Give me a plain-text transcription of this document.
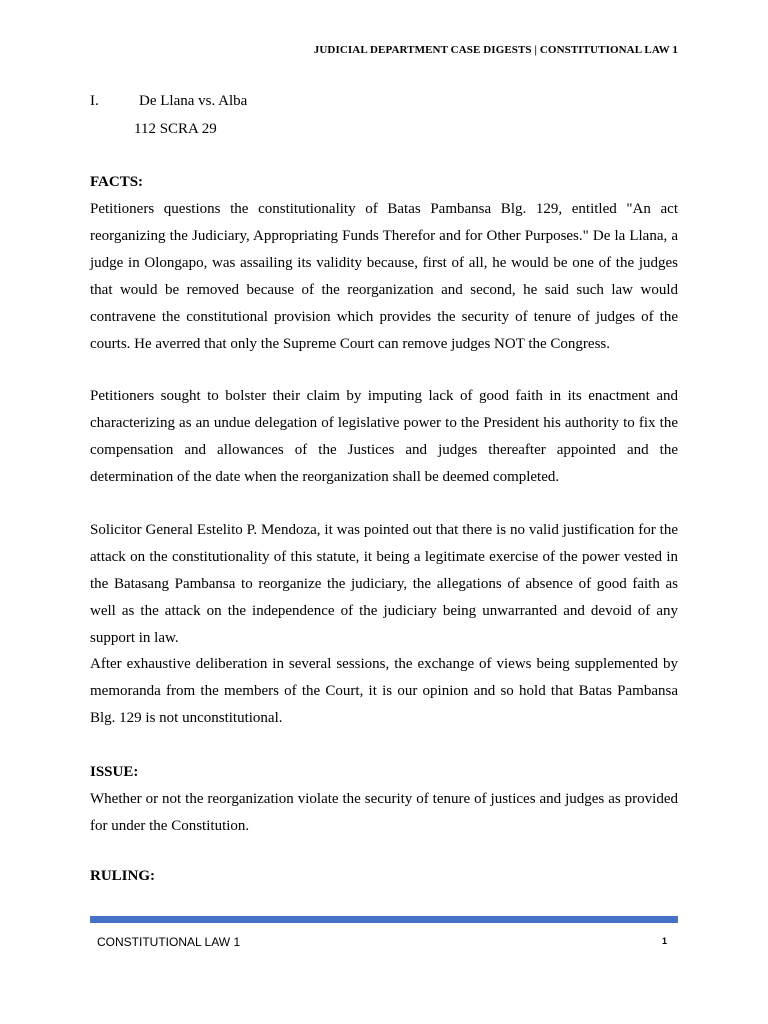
JUDICIAL DEPARTMENT CASE DIGESTS | CONSTITUTIONAL LAW 1
I.	De Llana vs. Alba
112 SCRA 29
FACTS:

Petitioners questions the constitutionality of Batas Pambansa Blg. 129, entitled "An act reorganizing the Judiciary, Appropriating Funds Therefor and for Other Purposes." De la Llana, a judge in Olongapo, was assailing its validity because, first of all, he would be one of the judges that would be removed because of the reorganization and second, he said such law would contravene the constitutional provision which provides the security of tenure of judges of the courts. He averred that only the Supreme Court can remove judges NOT the Congress.

Petitioners sought to bolster their claim by imputing lack of good faith in its enactment and characterizing as an undue delegation of legislative power to the President his authority to fix the compensation and allowances of the Justices and judges thereafter appointed and the determination of the date when the reorganization shall be deemed completed.

Solicitor General Estelito P. Mendoza, it was pointed out that there is no valid justification for the attack on the constitutionality of this statute, it being a legitimate exercise of the power vested in the Batasang Pambansa to reorganize the judiciary, the allegations of absence of good faith as well as the attack on the independence of the judiciary being unwarranted and devoid of any support in law.

After exhaustive deliberation in several sessions, the exchange of views being supplemented by memoranda from the members of the Court, it is our opinion and so hold that Batas Pambansa Blg. 129 is not unconstitutional.

ISSUE:

Whether or not the reorganization violate the security of tenure of justices and judges as provided for under the Constitution.

RULING:
CONSTITUTIONAL LAW 1	1
